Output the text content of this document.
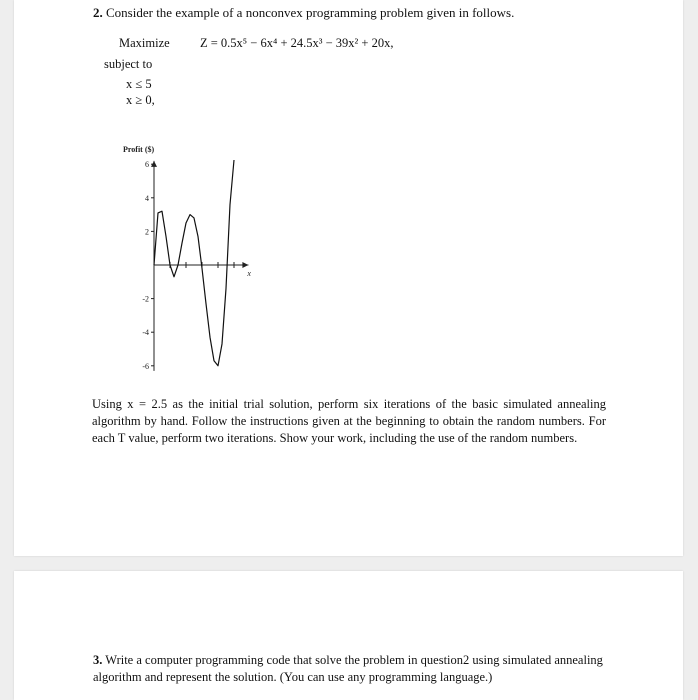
2. Consider the example of a nonconvex programming problem given in follows.
Maximize Z = 0.5x⁵ − 6x⁴ + 24.5x³ − 39x² + 20x,
subject to
x ≤ 5
x ≥ 0,
6
4
2
-2
-4
-6
Profit ($)
x
Using x = 2.5 as the initial trial solution, perform six iterations of the basic simulated annealing algorithm by hand. Follow the instructions given at the beginning to obtain the random numbers. For each T value, perform two iterations. Show your work, including the use of the random numbers.
3. Write a computer programming code that solve the problem in question2 using simulated annealing algorithm and represent the solution. (You can use any programming language.)
